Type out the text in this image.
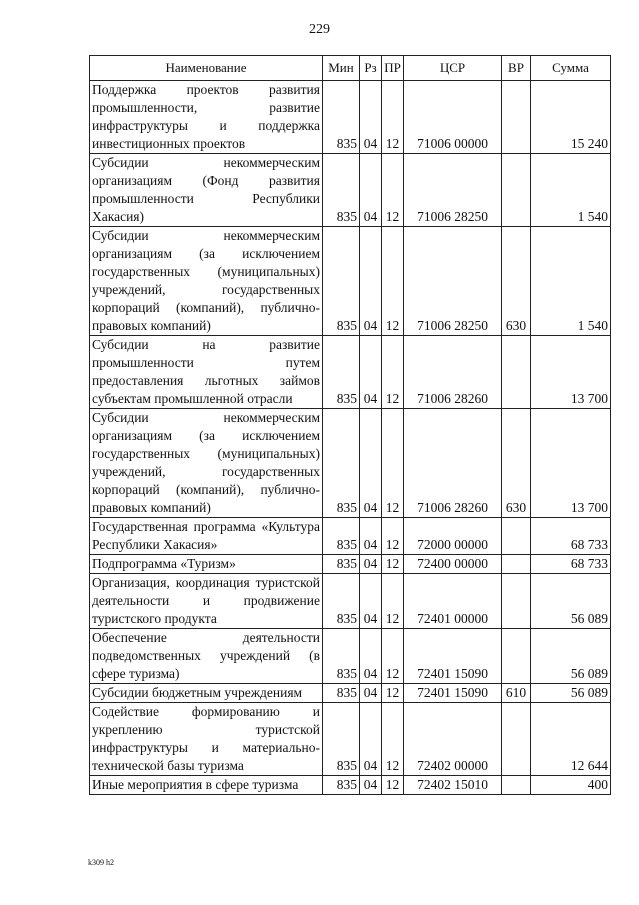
229
Наименование	Мин	Рз	ПР	ЦСР	ВР	Сумма
Поддержка проектов развития промышленности, развитие инфраструктуры и поддержка инвестиционных проектов	835	04	12	71006 00000		15 240
Субсидии некоммерческим организациям (Фонд развития промышленности Республики Хакасия)	835	04	12	71006 28250		1 540
Субсидии некоммерческим организациям (за исключением государственных (муниципальных) учреждений, государственных корпораций (компаний), публично-правовых компаний)	835	04	12	71006 28250	630	1 540
Субсидии на развитие промышленности путем предоставления льготных займов субъектам промышленной отрасли	835	04	12	71006 28260		13 700
Субсидии некоммерческим организациям (за исключением государственных (муниципальных) учреждений, государственных корпораций (компаний), публично-правовых компаний)	835	04	12	71006 28260	630	13 700
Государственная программа «Культура Республики Хакасия»	835	04	12	72000 00000		68 733
Подпрограмма «Туризм»	835	04	12	72400 00000		68 733
Организация, координация туристской деятельности и продвижение туристского продукта	835	04	12	72401 00000		56 089
Обеспечение деятельности подведомственных учреждений (в сфере туризма)	835	04	12	72401 15090		56 089
Субсидии бюджетным учреждениям	835	04	12	72401 15090	610	56 089
Содействие формированию и укреплению туристской инфраструктуры и материально-технической базы туризма	835	04	12	72402 00000		12 644
Иные мероприятия в сфере туризма	835	04	12	72402 15010		400
k309 h2
